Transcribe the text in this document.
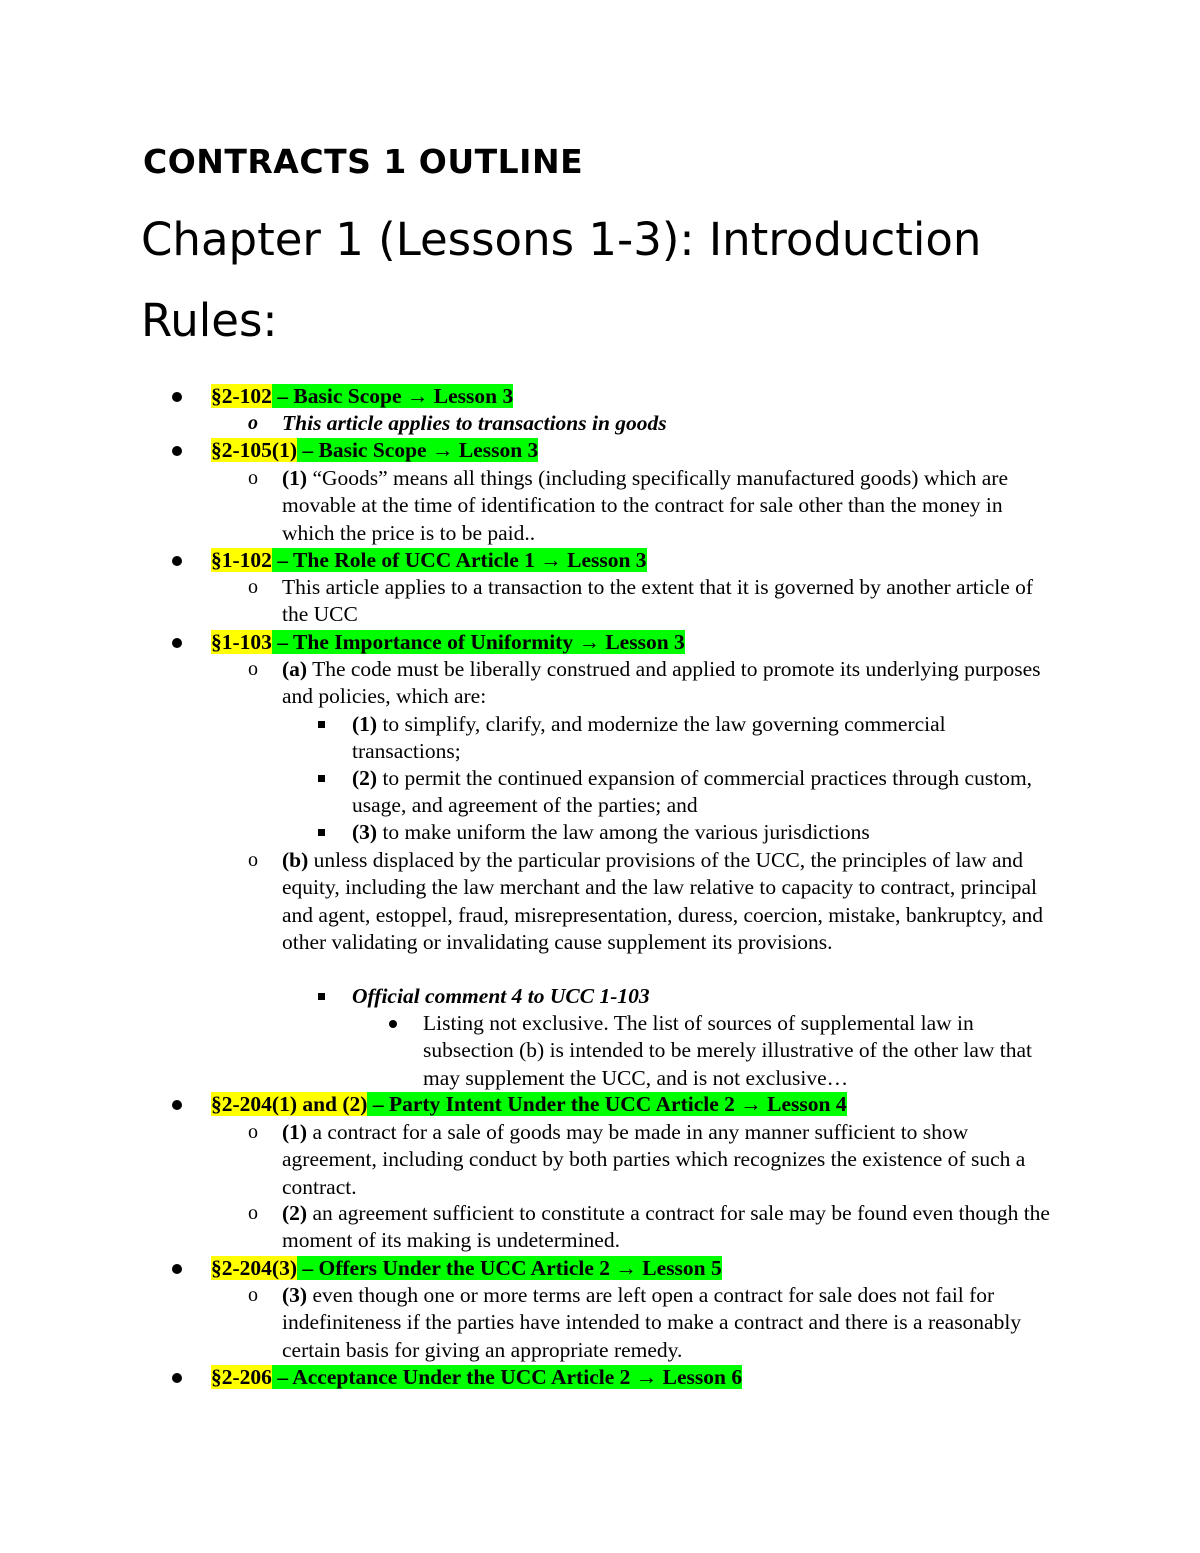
CONTRACTS 1 OUTLINE
Chapter 1 (Lessons 1-3): Introduction
Rules:

§2-102 – Basic Scope → Lesson 3

o This article applies to transactions in goods

§2-105(1) – Basic Scope → Lesson 3

o (1) “Goods” means all things (including specifically manufactured goods) which are movable at the time of identification to the contract for sale other than the money in which the price is to be paid..

§1-102 – The Role of UCC Article 1 → Lesson 3

o This article applies to a transaction to the extent that it is governed by another article of the UCC

§1-103 – The Importance of Uniformity → Lesson 3

o (a) The code must be liberally construed and applied to promote its underlying purposes and policies, which are:

(1) to simplify, clarify, and modernize the law governing commercial transactions;

(2) to permit the continued expansion of commercial practices through custom, usage, and agreement of the parties; and

(3) to make uniform the law among the various jurisdictions

o (b) unless displaced by the particular provisions of the UCC, the principles of law and equity, including the law merchant and the law relative to capacity to contract, principal and agent, estoppel, fraud, misrepresentation, duress, coercion, mistake, bankruptcy, and other validating or invalidating cause supplement its provisions.

Official comment 4 to UCC 1-103

Listing not exclusive. The list of sources of supplemental law in subsection (b) is intended to be merely illustrative of the other law that may supplement the UCC, and is not exclusive…

§2-204(1) and (2) – Party Intent Under the UCC Article 2 → Lesson 4

o (1) a contract for a sale of goods may be made in any manner sufficient to show agreement, including conduct by both parties which recognizes the existence of such a contract.

o (2) an agreement sufficient to constitute a contract for sale may be found even though the moment of its making is undetermined.

§2-204(3) – Offers Under the UCC Article 2 → Lesson 5

o (3) even though one or more terms are left open a contract for sale does not fail for indefiniteness if the parties have intended to make a contract and there is a reasonably certain basis for giving an appropriate remedy.

§2-206 – Acceptance Under the UCC Article 2 → Lesson 6
